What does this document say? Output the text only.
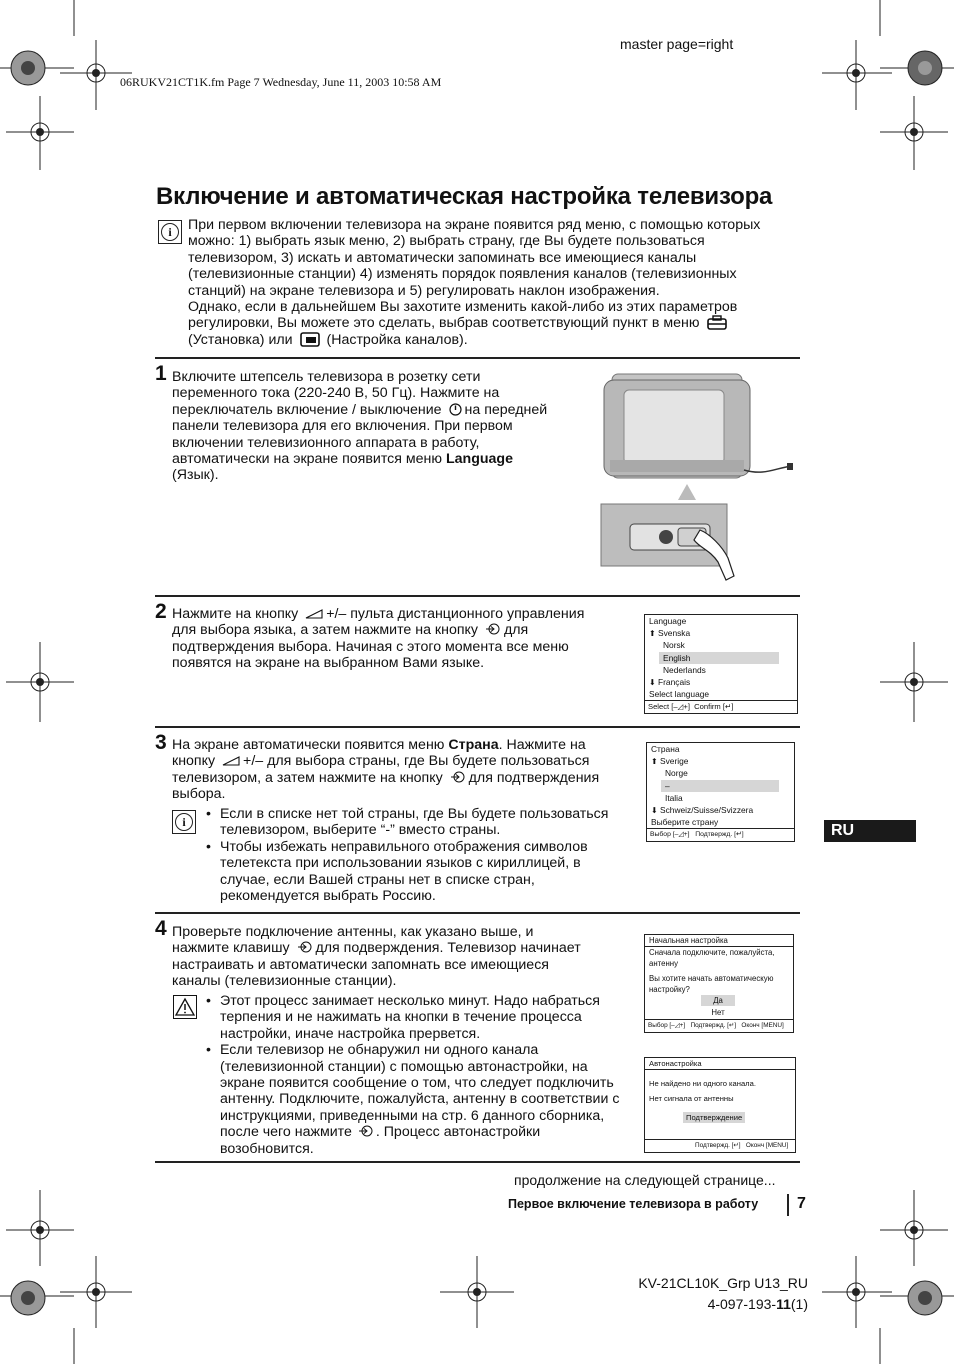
master page=right
06RUKV21CT1K.fm Page 7 Wednesday, June 11, 2003 10:58 AM
Включение и автоматическая настройка телевизора
i	При первом включении телевизора на экране появится ряд меню, с помощью которых
можно: 1) выбрать язык меню, 2) выбрать страну, где Вы будете пользоваться
телевизором, 3) искать и автоматически запоминать все имеющиеся каналы
(телевизионные станции) 4) изменять порядок появления каналов (телевизионных
станций) на экране телевизора и 5) регулировать наклон изображения.
Однако, если в дальнейшем Вы захотите изменить какой-либо из этих параметров
регулировки, Вы можете это сделать, выбрав соответствующий пункт в меню
(Установка) или (Настройка каналов).
1 Включите штепсель телевизора в розетку сети
переменного тока (220-240 В, 50 Гц). Нажмите на
переключатель включение / выключение на передней
панели телевизора для его включения. При первом
включении телевизионного аппарата в работу,
автоматически на экране появится меню Language
(Язык).
2 Нажмите на кнопку +/– пульта дистанционного управления
для выбора языка, а затем нажмите на кнопку для
подтверждения выбора. Начиная с этого момента все меню
появятся на экране на выбранном Вами языке.
Language
⬆ Svenska
Norsk
English
Nederlands
⬇ Français
Select language
Select [–◿+]  Confirm [↵]
3 На экране автоматически появится меню Страна. Нажмите на
кнопку +/– для выбора страны, где Вы будете пользоваться
телевизором, а затем нажмите на кнопку для подтверждения
выбора.
i
•	Если в списке нет той страны, где Вы будете пользоваться телевизором, выберите “-” вместо страны.
• Чтобы избежать неправильного отображения символов телетекста при использовании языков с кириллицей, в случае, если Вашей страны нет в списке стран, рекомендуется выбрать Россию.
Страна
⬆ Sverige
Norge
–
Italia
⬇ Schweiz/Suisse/Svizzera
Выберите страну
Выбор [–◿+]   Подтвержд. [↵]	RU
4 Проверьте подключение антенны, как указано выше, и
нажмите клавишу для подверждения. Телевизор начинает
настраивать и автоматически запомнать все имеющиеся
каналы (телевизионные станции).
• Этот процесс занимает несколько минут. Надо набраться терпения и не нажимать на кнопки в течение процесса настройки, иначе настройка прервется.
• Если телевизор не обнаружил ни одного канала (телевизионной станции) с помощью автонастройки, на экране появится сообщение о том, что следует подключить антенну. Подключите, пожалуйста, антенну в соответствии с инструкциями, приведенными на стр. 6 данного сборника, после чего нажмите . Процесс автонастройки возобновится.
Начальная настройка
Сначала подключите, пожалуйста,
антенну
Вы хотите начать автоматическую
настройку?
Да
Нет
Выбор [–◿+]   Подтвержд. [↵]   Оконч [MENU]
Автонастройка
Не найдено ни одного канала.
Нет сигнала от антенны
Подтверждение
Подтвержд. [↵]   Оконч [MENU]
продолжение на следующей странице...
Первое включение телевизора в работу 7
KV-21CL10K_Grp U13_RU
4-097-193-11(1)
